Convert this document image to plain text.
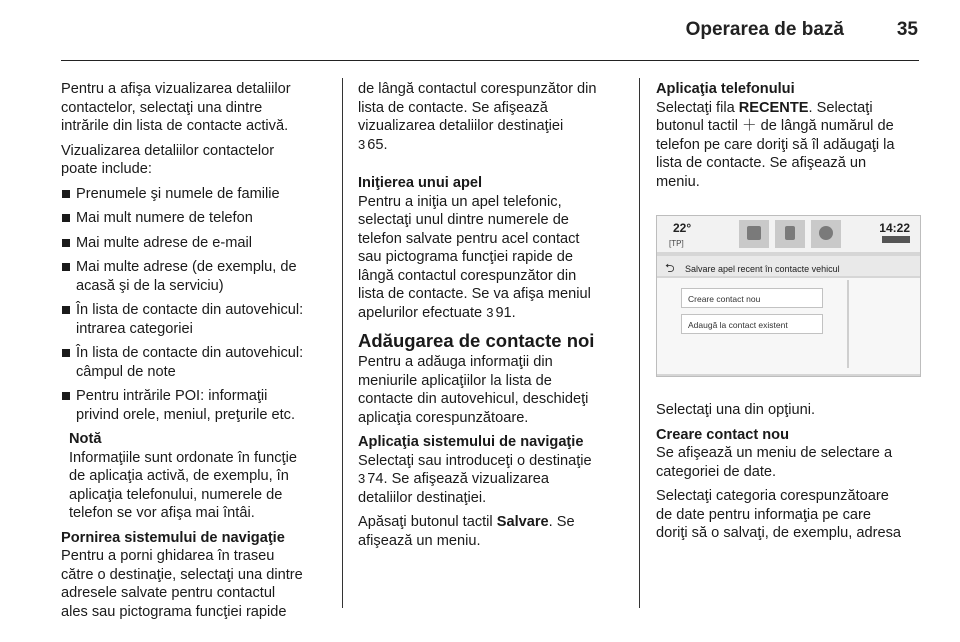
Operarea de bază	35

Pentru a afişa vizualizarea detaliilor
contactelor, selectaţi una dintre
intrările din lista de contacte activă.

Vizualizarea detaliilor contactelor
poate include:

Prenumele şi numele de familie
Mai mult numere de telefon
Mai multe adrese de e-mail
Mai multe adrese (de exemplu, de
acasă şi de la serviciu)
În lista de contacte din autovehicul:
intrarea categoriei
În lista de contacte din autovehicul:
câmpul de note
Pentru intrările POI: informaţii
privind orele, meniul, preţurile etc.
Notă
Informaţiile sunt ordonate în funcţie
de aplicaţia activă, de exemplu, în
aplicaţia telefonului, numerele de
telefon se vor afişa mai întâi.

Pornirea sistemului de navigaţie
Pentru a porni ghidarea în traseu
către o destinaţie, selectaţi una dintre
adresele salvate pentru contactul
ales sau pictograma funcţiei rapide

de lângă contactul corespunzător din
lista de contacte. Se afişează
vizualizarea detaliilor destinaţiei
3 65.

Iniţierea unui apel
Pentru a iniţia un apel telefonic,
selectaţi unul dintre numerele de
telefon salvate pentru acel contact
sau pictograma funcţiei rapide de
lângă contactul corespunzător din
lista de contacte. Se va afişa meniul
apelurilor efectuate 3 91.

Adăugarea de contacte noi

Pentru a adăuga informaţii din
meniurile aplicaţiilor la lista de
contacte din autovehicul, deschideţi
aplicaţia corespunzătoare.

Aplicaţia sistemului de navigaţie
Selectaţi sau introduceţi o destinaţie
3 74. Se afişează vizualizarea
detaliilor destinaţiei.

Apăsaţi butonul tactil Salvare. Se
afişează un meniu.

Aplicaţia telefonului
Selectaţi fila RECENTE. Selectaţi
butonul tactil ＋ de lângă numărul de
telefon pe care doriţi să îl adăugaţi la
lista de contacte. Se afişează un
meniu.

22°
[TP]
14:22
⮌ Salvare apel recent în contacte vehicul
Creare contact nou
Adaugă la contact existent

Selectaţi una din opţiuni.

Creare contact nou
Se afişează un meniu de selectare a
categoriei de date.

Selectaţi categoria corespunzătoare
de date pentru informaţia pe care
doriţi să o salvaţi, de exemplu, adresa
